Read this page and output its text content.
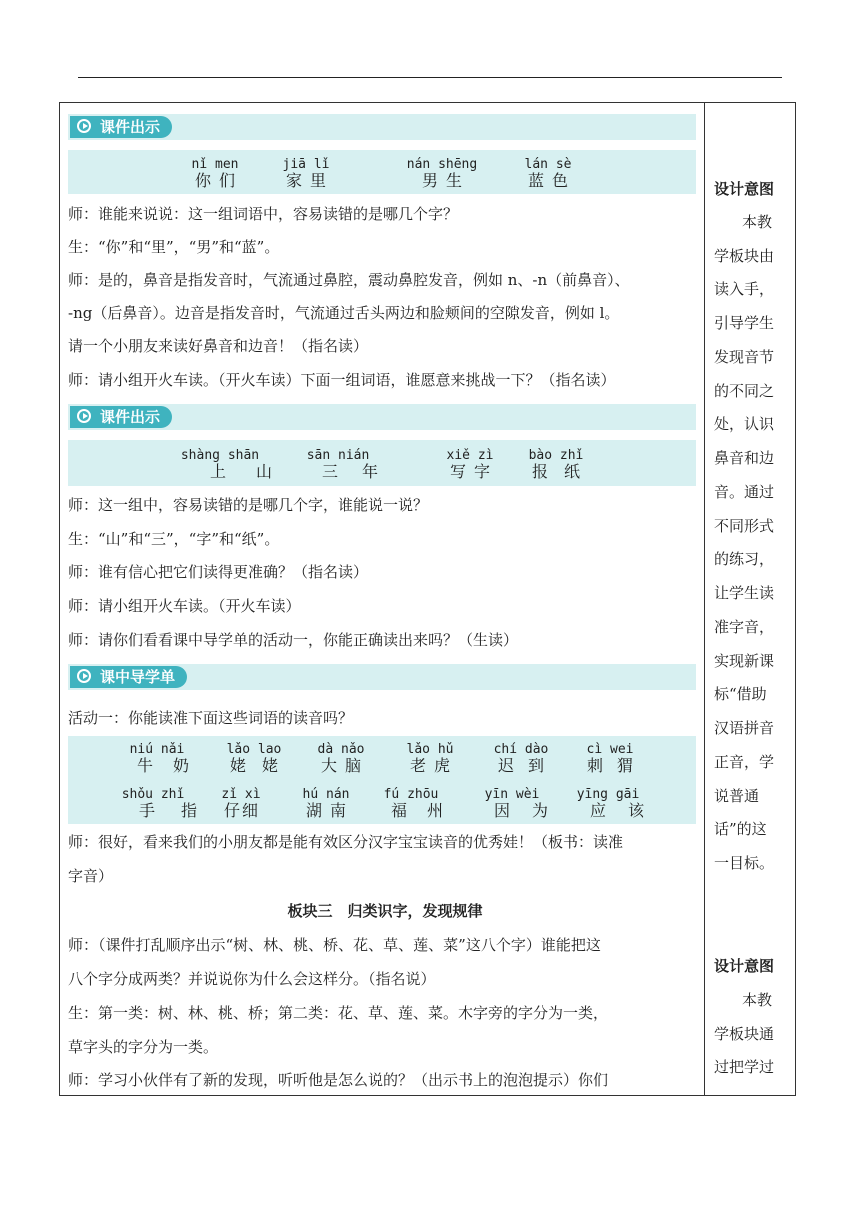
课件出示
nǐ men
你们
jiā lǐ
家里
nán shēng
男生
lán sè
蓝色
师：谁能来说说：这一组词语中，容易读错的是哪几个字？
生：“你”和“里”，“男”和“蓝”。
师：是的，鼻音是指发音时，气流通过鼻腔，震动鼻腔发音，例如 n、-n（前鼻音）、
-ng（后鼻音）。边音是指发音时，气流通过舌头两边和脸颊间的空隙发音，例如 l。
请一个小朋友来读好鼻音和边音！（指名读）
师：请小组开火车读。（开火车读）下面一组词语，谁愿意来挑战一下？（指名读）
课件出示
shàng shān
上山
sān nián
三年
xiě zì
写字
bào zhǐ
报纸
师：这一组中，容易读错的是哪几个字，谁能说一说？
生：“山”和“三”，“字”和“纸”。
师：谁有信心把它们读得更准确？（指名读）
师：请小组开火车读。（开火车读）
师：请你们看看课中导学单的活动一，你能正确读出来吗？（生读）
课中导学单
活动一：你能读准下面这些词语的读音吗？
niú nǎi
牛奶
lǎo lao
姥姥
dà nǎo
大脑
lǎo hǔ
老虎
chí dào
迟到
cì wei
刺猬
shǒu zhǐ
手指
zǐ xì
仔细
hú nán
湖南
fú zhōu
福州
yīn wèi
因为
yīng gāi
应该
师：很好，看来我们的小朋友都是能有效区分汉字宝宝读音的优秀娃！（板书：读准
字音）
板块三　归类识字，发现规律
师：（课件打乱顺序出示“树、林、桃、桥、花、草、莲、菜”这八个字）谁能把这
八个字分成两类？并说说你为什么会这样分。（指名说）
生：第一类：树、林、桃、桥；第二类：花、草、莲、菜。木字旁的字分为一类，
草字头的字分为一类。
师：学习小伙伴有了新的发现，听听他是怎么说的？（出示书上的泡泡提示）你们
设计意图
本教
学板块由
读入手，
引导学生
发现音节
的不同之
处，认识
鼻音和边
音。通过
不同形式
的练习，
让学生读
准字音，
实现新课
标“借助
汉语拼音
正音，学
说普通
话”的这
一目标。
设计意图
本教
学板块通
过把学过
